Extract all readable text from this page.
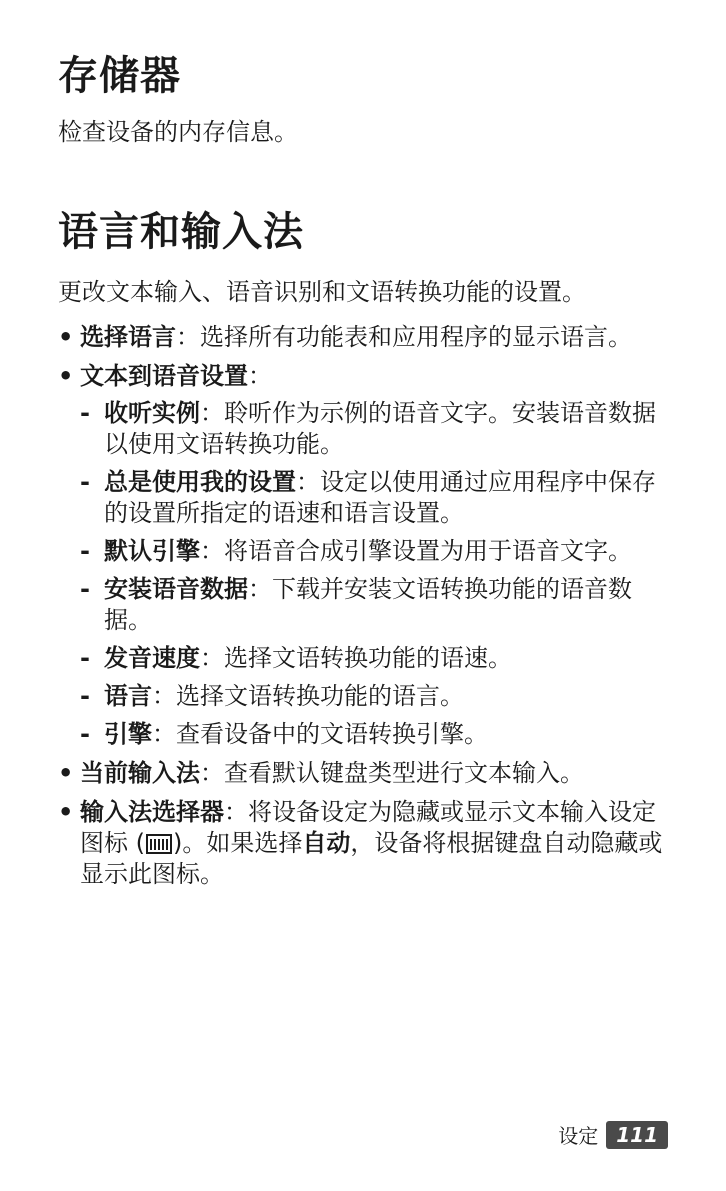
存储器

检查设备的内存信息。

语言和输入法

更改文本输入、语音识别和文语转换功能的设置。

• 选择语言：选择所有功能表和应用程序的显示语言。
• 文本到语音设置：
- 收听实例：聆听作为示例的语音文字。安装语音数据以使用文语转换功能。
- 总是使用我的设置：设定以使用通过应用程序中保存的设置所指定的语速和语言设置。
- 默认引擎：将语音合成引擎设置为用于语音文字。
- 安装语音数据：下载并安装文语转换功能的语音数据。
- 发音速度：选择文语转换功能的语速。
- 语言：选择文语转换功能的语言。
- 引擎：查看设备中的文语转换引擎。
• 当前输入法：查看默认键盘类型进行文本输入。
• 输入法选择器：将设备设定为隐藏或显示文本输入设定图标 ( )。如果选择自动，设备将根据键盘自动隐藏或显示此图标。
设定 111
